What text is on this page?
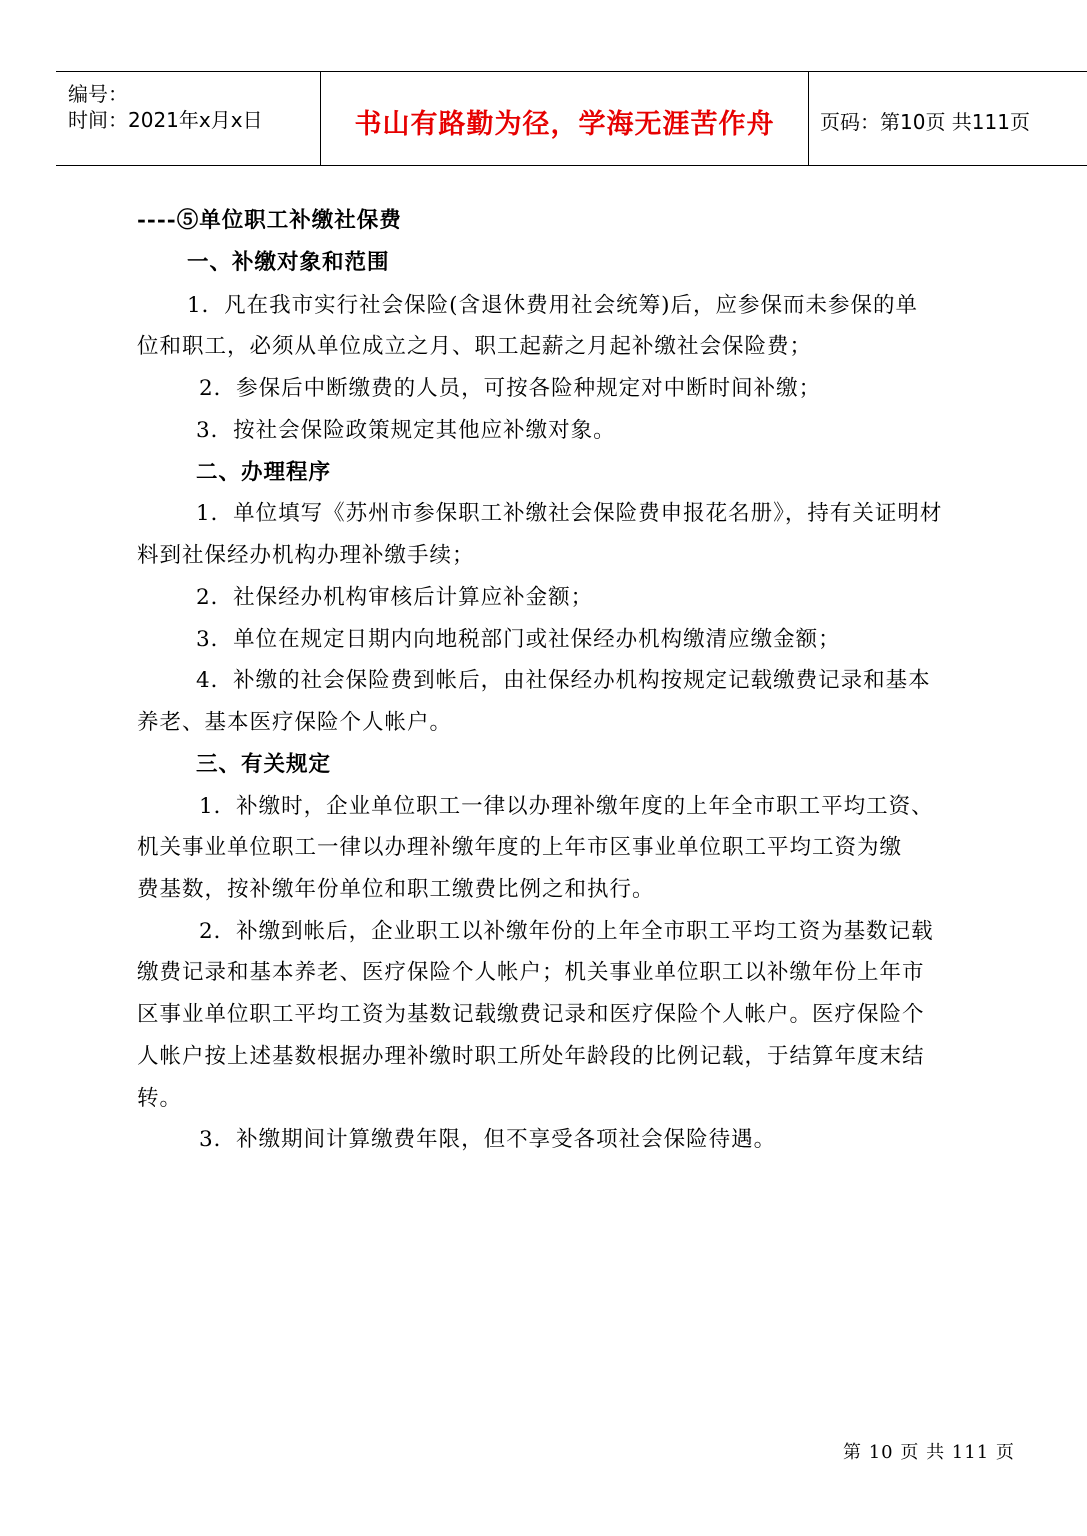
编号：
时间：2021年x月x日	书山有路勤为径，学海无涯苦作舟	页码：第10页 共111页
----⑤单位职工补缴社保费
一、补缴对象和范围
1．凡在我市实行社会保险(含退休费用社会统筹)后，应参保而未参保的单
位和职工，必须从单位成立之月、职工起薪之月起补缴社会保险费；
2．参保后中断缴费的人员，可按各险种规定对中断时间补缴；
3．按社会保险政策规定其他应补缴对象。
二、办理程序
1．单位填写《苏州市参保职工补缴社会保险费申报花名册》，持有关证明材
料到社保经办机构办理补缴手续；
2．社保经办机构审核后计算应补金额；
3．单位在规定日期内向地税部门或社保经办机构缴清应缴金额；
4．补缴的社会保险费到帐后，由社保经办机构按规定记载缴费记录和基本
养老、基本医疗保险个人帐户。
三、有关规定
1．补缴时，企业单位职工一律以办理补缴年度的上年全市职工平均工资、
机关事业单位职工一律以办理补缴年度的上年市区事业单位职工平均工资为缴
费基数，按补缴年份单位和职工缴费比例之和执行。
2．补缴到帐后，企业职工以补缴年份的上年全市职工平均工资为基数记载
缴费记录和基本养老、医疗保险个人帐户；机关事业单位职工以补缴年份上年市
区事业单位职工平均工资为基数记载缴费记录和医疗保险个人帐户。医疗保险个
人帐户按上述基数根据办理补缴时职工所处年龄段的比例记载，于结算年度末结
转。
3．补缴期间计算缴费年限，但不享受各项社会保险待遇。
第 10 页 共 111 页
